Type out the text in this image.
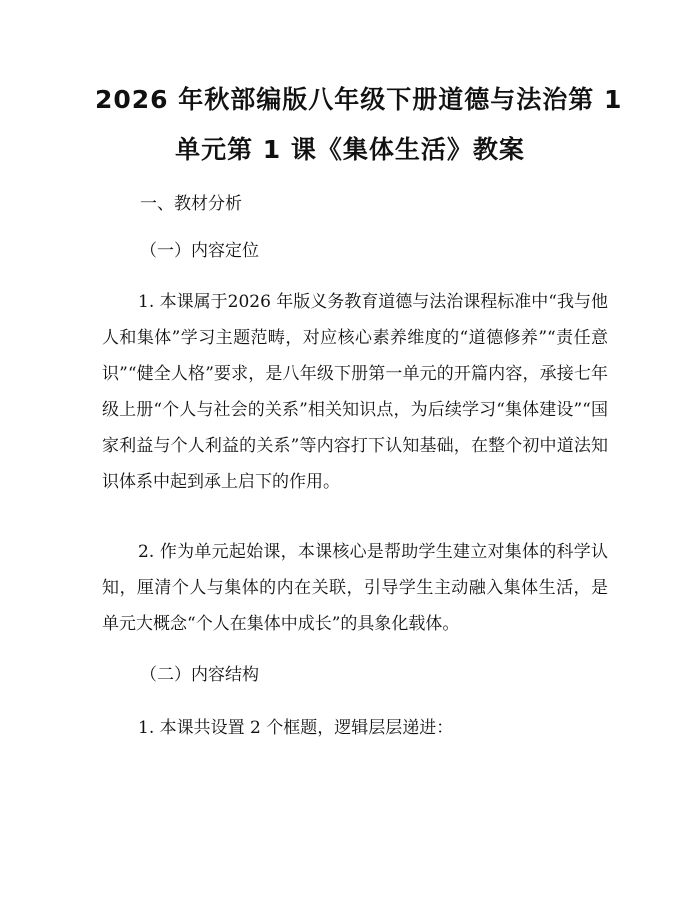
2026 年秋部编版八年级下册道德与法治第 1
单元第 1 课《集体生活》教案
一、教材分析
（一）内容定位
1. 本课属于2026 年版义务教育道德与法治课程标准中“我与他人和集体”学习主题范畴，对应核心素养维度的“道德修养”“责任意识”“健全人格”要求，是八年级下册第一单元的开篇内容，承接七年级上册“个人与社会的关系”相关知识点，为后续学习“集体建设”“国家利益与个人利益的关系”等内容打下认知基础，在整个初中道法知识体系中起到承上启下的作用。
2. 作为单元起始课，本课核心是帮助学生建立对集体的科学认知，厘清个人与集体的内在关联，引导学生主动融入集体生活，是单元大概念“个人在集体中成长”的具象化载体。
（二）内容结构
1. 本课共设置 2 个框题，逻辑层层递进：
